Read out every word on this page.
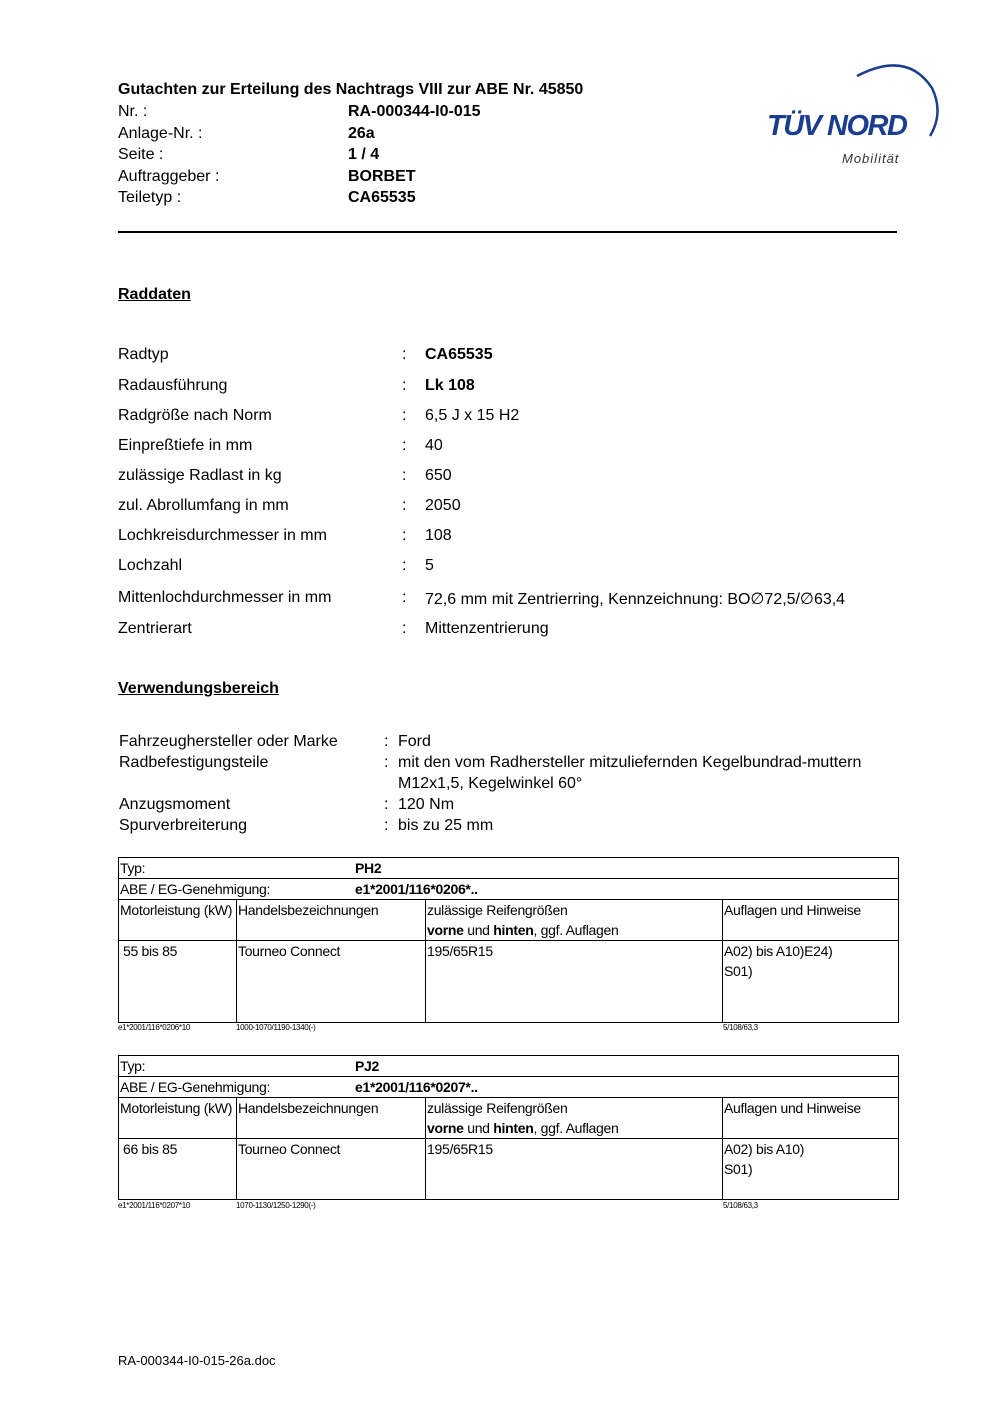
Gutachten zur Erteilung des Nachtrags VIII zur ABE Nr. 45850
Nr. :	RA-000344-I0-015
Anlage-Nr. :	26a
Seite :	1 / 4
Auftraggeber :	BORBET
Teiletyp :	CA65535
TÜV NORD
Mobilität
Raddaten
Radtyp	: CA65535
Radausführung	: Lk 108
Radgröße nach Norm	: 6,5 J x 15 H2
Einpreßtiefe in mm	: 40
zulässige Radlast in kg	: 650
zul. Abrollumfang in mm	: 2050
Lochkreisdurchmesser in mm	: 108
Lochzahl	: 5
Mittenlochdurchmesser in mm	: 72,6 mm mit Zentrierring, Kennzeichnung: BO∅72,5/∅63,4
Zentrierart	: Mittenzentrierung
Verwendungsbereich
Fahrzeughersteller oder Marke	: Ford
Radbefestigungsteile	: mit den vom Radhersteller mitzuliefernden Kegelbundrad-muttern M12x1,5, Kegelwinkel 60°
Anzugsmoment	: 120 Nm
Spurverbreiterung	: bis zu 25 mm
Typ: PH2			

ABE / EG-Genehmigung: e1*2001/116*0206*..			

Motorleistung (kW)	Handelsbezeichnungen	zulässige Reifengrößen
vorne und hinten, ggf. Auflagen	Auflagen und Hinweise
55 bis 85	Tourneo Connect	195/65R15	A02) bis A10)E24)
S01)
e1*2001/116*0206*10	1000-1070/1190-1340(-)	5/108/63,3
Typ: PJ2			

ABE / EG-Genehmigung: e1*2001/116*0207*..			

Motorleistung (kW)	Handelsbezeichnungen	zulässige Reifengrößen
vorne und hinten, ggf. Auflagen	Auflagen und Hinweise
66 bis 85	Tourneo Connect	195/65R15	A02) bis A10)
S01)
e1*2001/116*0207*10	1070-1130/1250-1290(-)	5/108/63,3
RA-000344-I0-015-26a.doc
